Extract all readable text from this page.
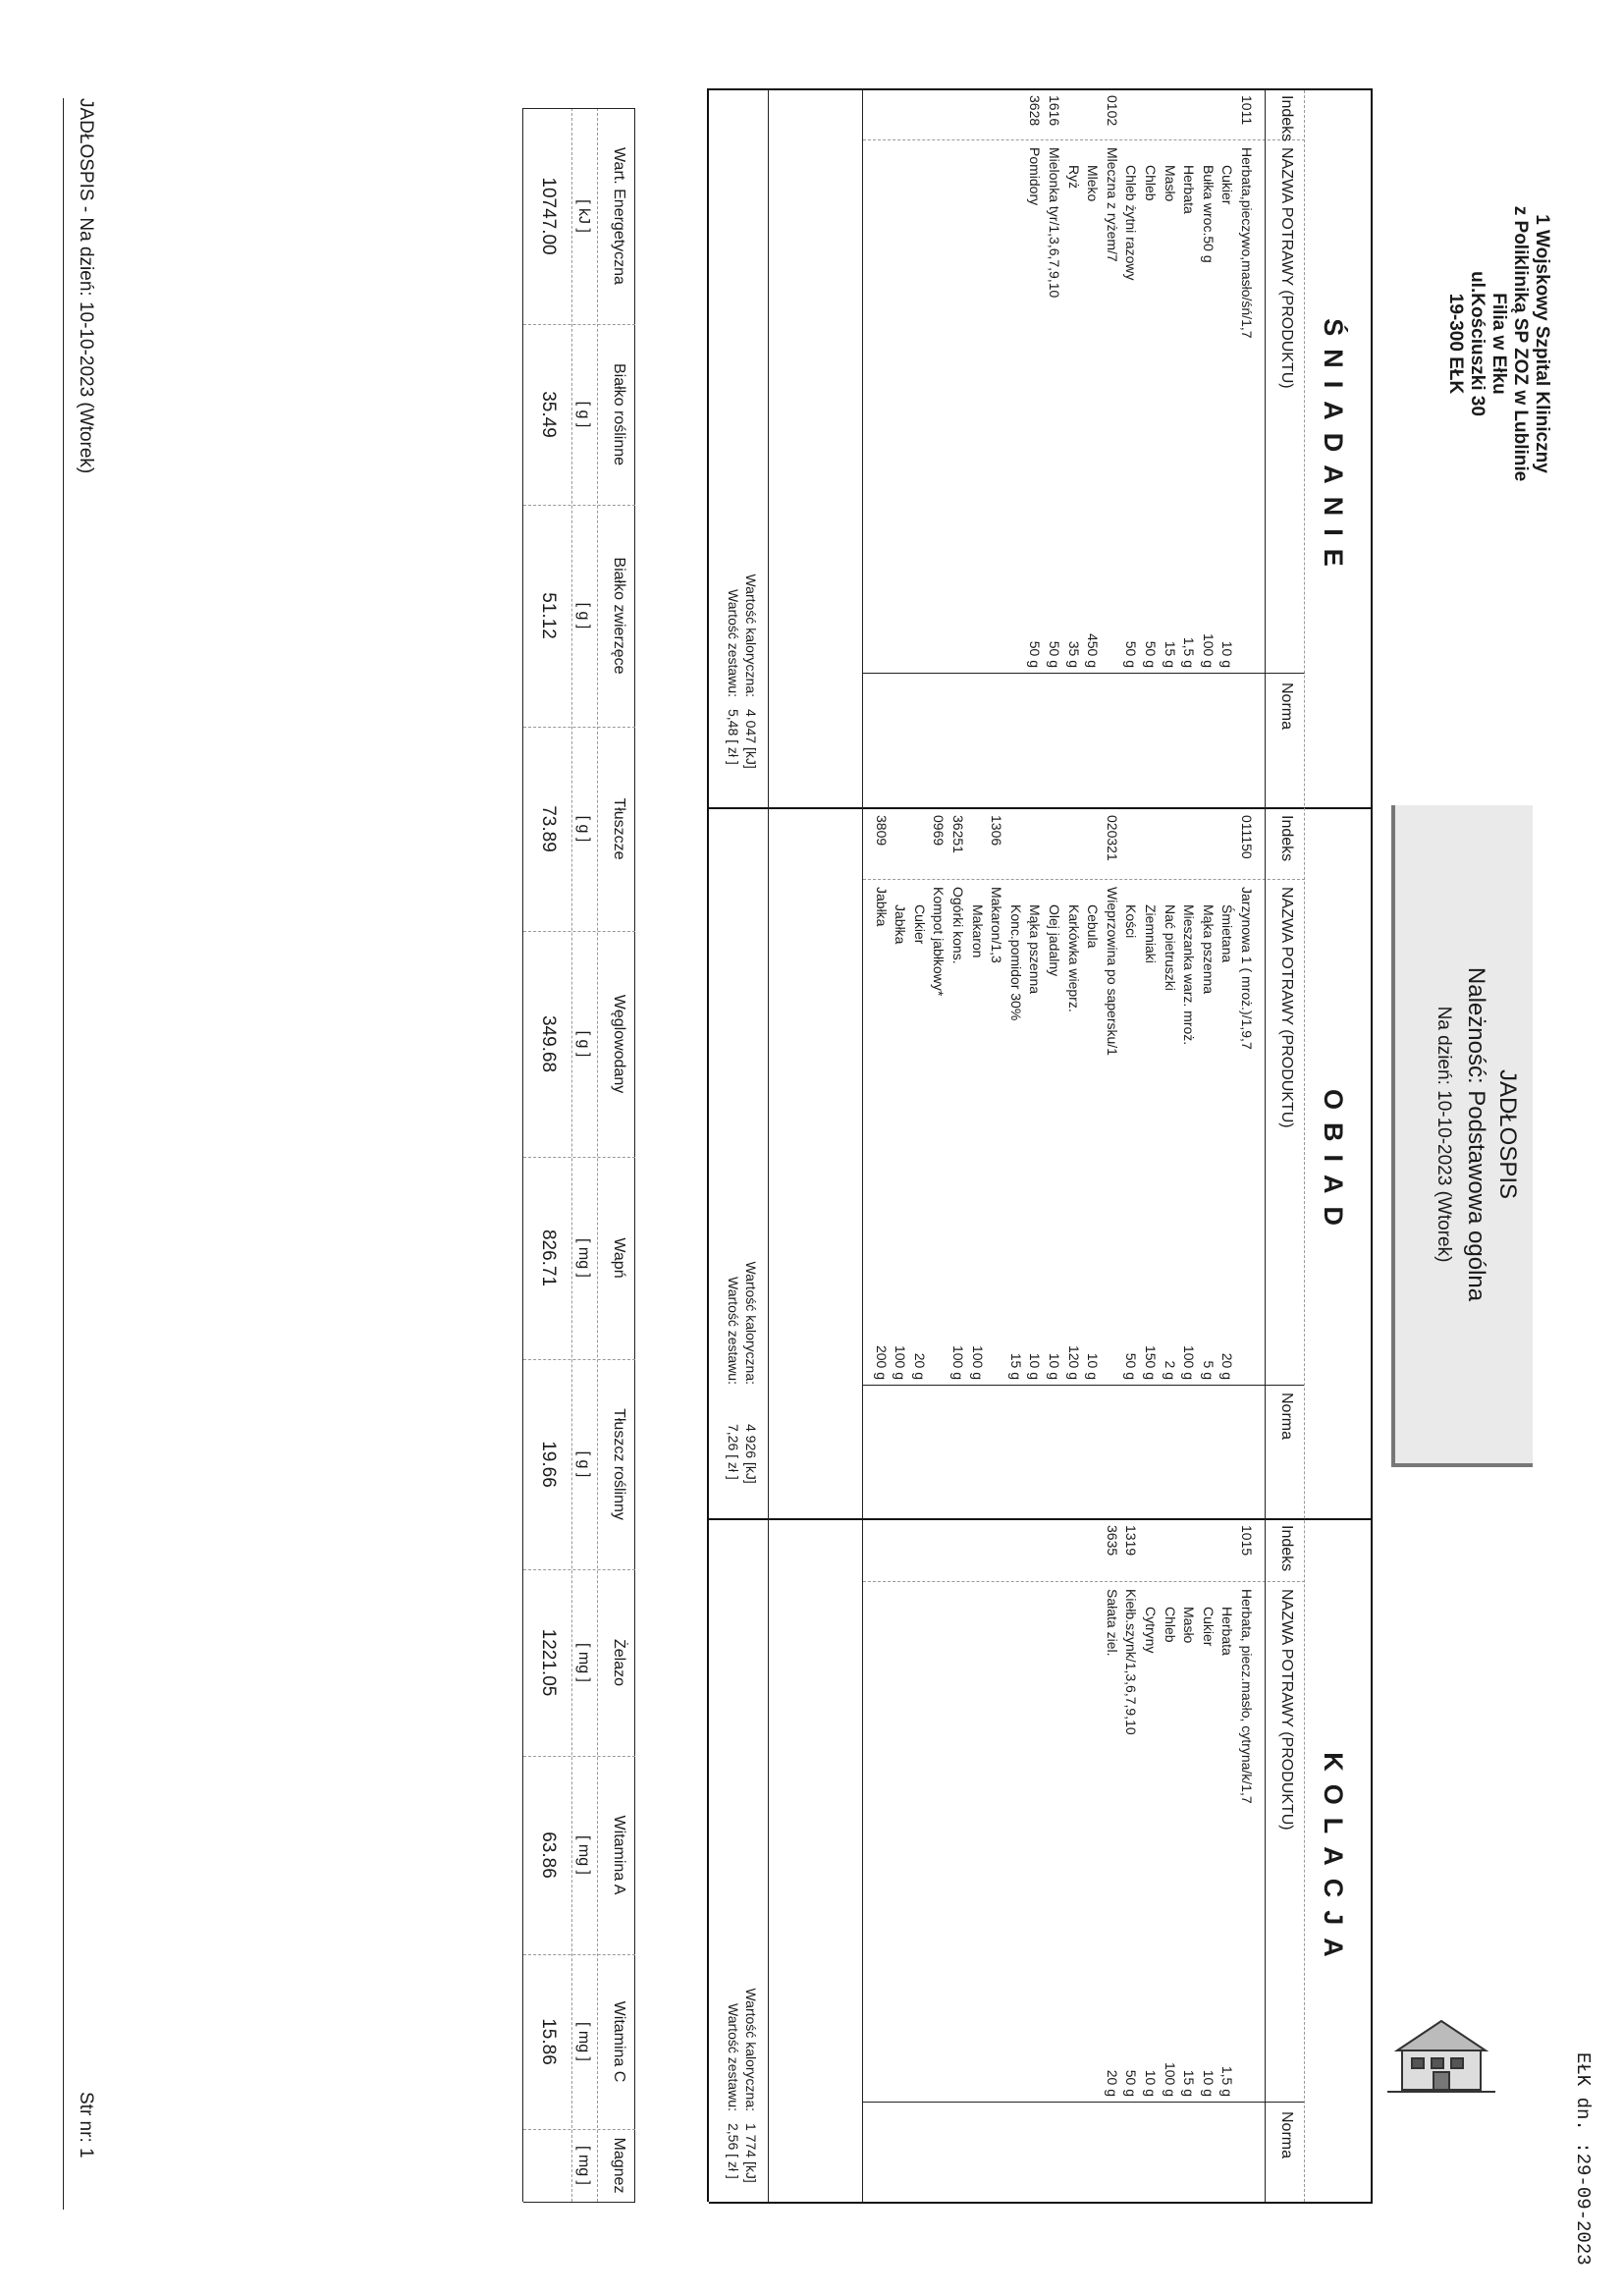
EŁK dn. :29-09-2023
1 Wojskowy Szpital Kliniczny
z Polikliniką SP ZOZ w Lublinie
Filia w Ełku
ul.Kościuszki 30
19-300 EŁK
JADŁOSPIS
Należność: Podstawowa ogólna
Na dzień: 10-10-2023 (Wtorek)
ŚNIADANIE
OBIAD
KOLACJA
Indeks
NAZWA POTRAWY (PRODUKTU)
Norma
Indeks
NAZWA POTRAWY (PRODUKTU)
Norma
Indeks
NAZWA POTRAWY (PRODUKTU)
Norma
1011
Herbata,pieczywo,masło/śń/1,7
Cukier
10 g
Bułka wroc.50 g
100 g
Herbata
1,5 g
Masło
15 g
Chleb
50 g
Chleb żytni razowy
50 g
0102
Mleczna z ryżem/7
Mleko
450 g
Ryż
35 g
1616
Mielonka tyr/1,3,6,7,9,10
50 g
3628
Pomidory
50 g
011150
Jarzynowa 1 ( mroż.)/1,9,7
Śmietana
20 g
Mąka pszenna
5 g
Mieszanka warz. mroż.
100 g
Nać pietruszki
2 g
Ziemniaki
150 g
Kości
50 g
020321
Wieprzowina po sapersku/1
Cebula
10 g
Karkówka wieprz.
120 g
Olej jadalny
10 g
Mąka pszenna
10 g
Konc.pomidor 30%
15 g
1306
Makaron/1,3
Makaron
100 g
36251
Ogórki kons.
100 g
0969
Kompot jabłkowy*
Cukier
20 g
Jabłka
100 g
3809
Jabłka
200 g
1015
Herbata, piecz.masło, cytryna/k/1,7
Herbata
1,5 g
Cukier
10 g
Masło
15 g
Chleb
100 g
Cytryny
10 g
1319
Kiełb.szynk/1,3,6,7,9,10
50 g
3635
Sałata ziel.
20 g
Wartość kaloryczna:
4 047 [kJ]
Wartość zestawu:
5,48 [ zł ]
Wartość kaloryczna:
4 926 [kJ]
Wartość zestawu:
7,26 [ zł ]
Wartość kaloryczna:
1 774 [kJ]
Wartość zestawu:
2,56 [ zł ]
Wart. Energetyczna
[ kJ ]
10747.00
Białko roślinne
[ g ]
35.49
Białko zwierzęce
[ g ]
51.12
Tłuszcze
[ g ]
73.89
Węglowodany
[ g ]
349.68
Wapń
[ mg ]
826.71
Tłuszcz roślinny
[ g ]
19.66
Żelazo
[ mg ]
1221.05
Witamina A
[ mg ]
63.86
Witamina C
[ mg ]
15.86
Magnez
[ mg ]
JADŁOSPIS - Na dzień: 10-10-2023 (Wtorek)
Str nr: 1
